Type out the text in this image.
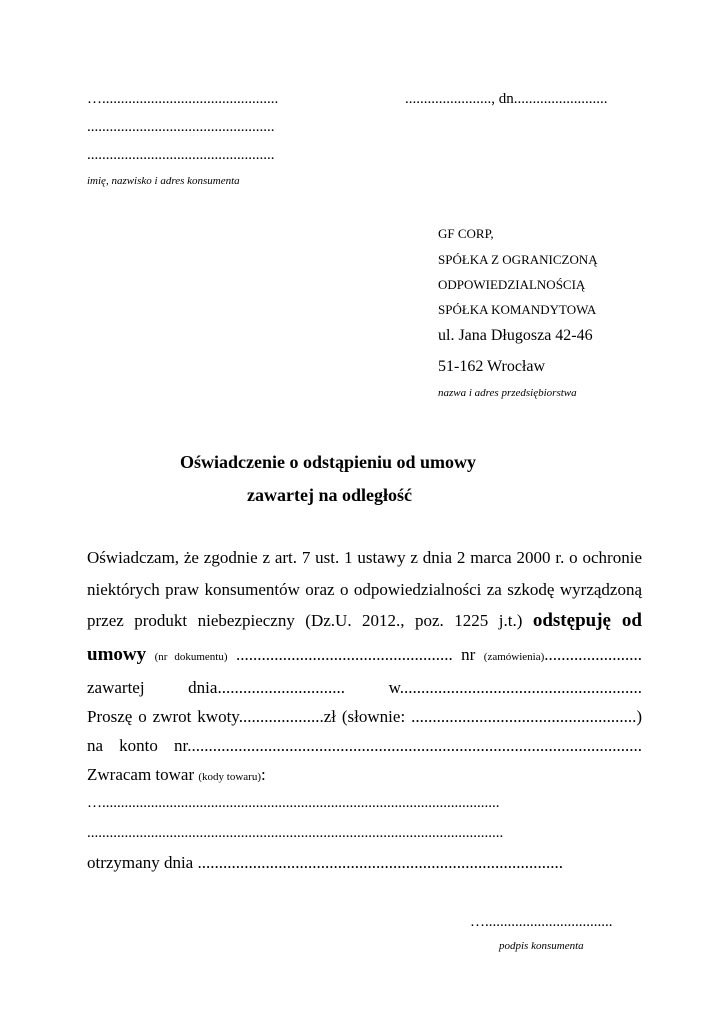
…...............................................	......................., dn.........................
..................................................
..................................................
imię, nazwisko i adres konsumenta
GF CORP,
SPÓŁKA Z OGRANICZONĄ
ODPOWIEDZIALNOŚCIĄ
SPÓŁKA KOMANDYTOWA
ul. Jana Długosza 42-46
51-162 Wrocław
nazwa i adres przedsiębiorstwa
Oświadczenie o odstąpieniu od umowy
zawartej na odległość
Oświadczam, że zgodnie z art. 7 ust. 1 ustawy z dnia 2 marca 2000 r. o ochronie
niektórych praw konsumentów oraz o odpowiedzialności za szkodę wyrządzoną
przez produkt niebezpieczny (Dz.U. 2012., poz. 1225 j.t.) odstępuję od
umowy (nr dokumentu) ................................................... nr (zamówienia).......................
zawartej dnia.............................. w.........................................................
Proszę o zwrot kwoty....................zł (słownie: .....................................................)
na konto nr...........................................................................................................
Zwracam towar (kody towaru):
…..........................................................................................................
...............................................................................................................
otrzymany dnia ......................................................................................
…..................................
podpis konsumenta
